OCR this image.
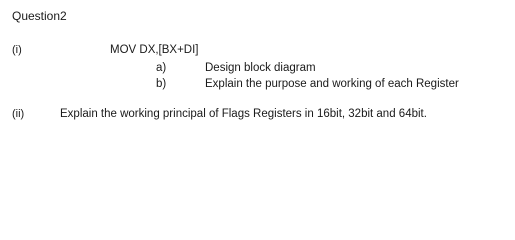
Question2
(i)	MOV DX,[BX+DI]
a)	Design block diagram
b)	Explain the purpose and working of each Register
(ii)	Explain the working principal of Flags Registers in 16bit, 32bit and 64bit.
